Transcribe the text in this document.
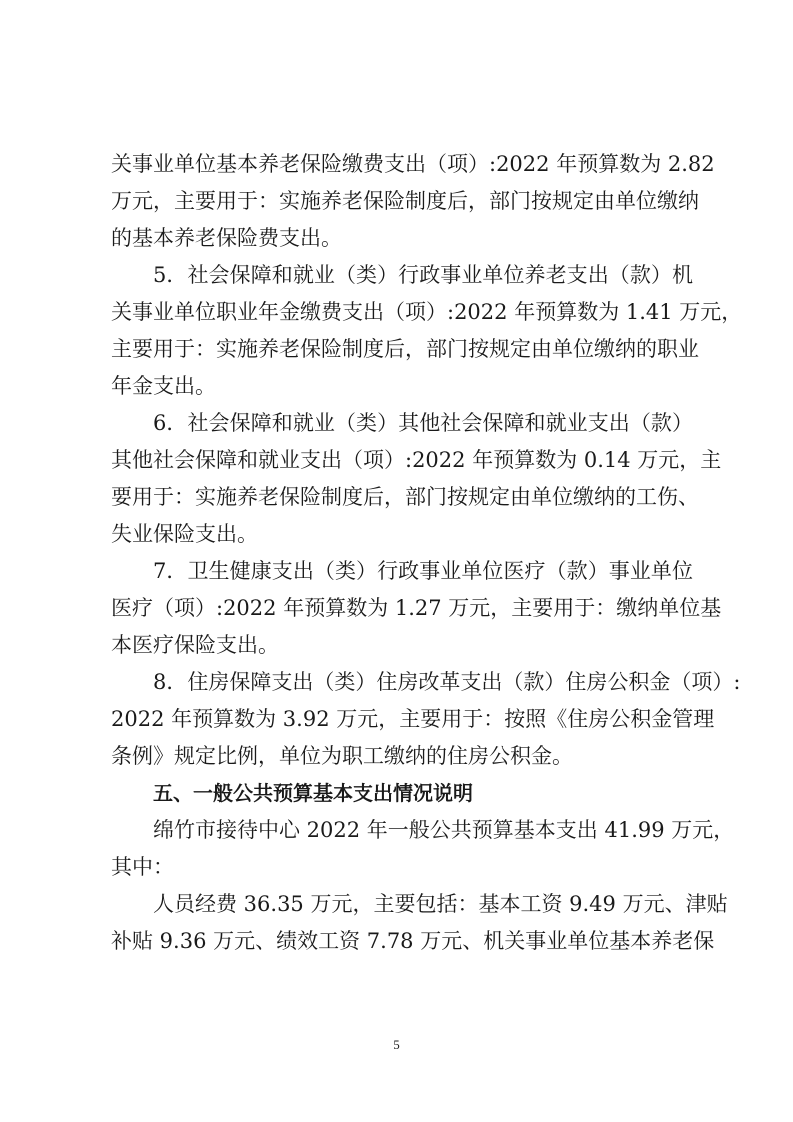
关事业单位基本养老保险缴费支出（项）:2022 年预算数为 2.82
万元，主要用于：实施养老保险制度后，部门按规定由单位缴纳
的基本养老保险费支出。
5．社会保障和就业（类）行政事业单位养老支出（款）机
关事业单位职业年金缴费支出（项）:2022 年预算数为 1.41 万元，
主要用于：实施养老保险制度后，部门按规定由单位缴纳的职业
年金支出。
6．社会保障和就业（类）其他社会保障和就业支出（款）
其他社会保障和就业支出（项）:2022 年预算数为 0.14 万元，主
要用于：实施养老保险制度后，部门按规定由单位缴纳的工伤、
失业保险支出。
7．卫生健康支出（类）行政事业单位医疗（款）事业单位
医疗（项）:2022 年预算数为 1.27 万元，主要用于：缴纳单位基
本医疗保险支出。
8．住房保障支出（类）住房改革支出（款）住房公积金（项）:
2022 年预算数为 3.92 万元，主要用于：按照《住房公积金管理
条例》规定比例，单位为职工缴纳的住房公积金。
五、一般公共预算基本支出情况说明
绵竹市接待中心 2022 年一般公共预算基本支出 41.99 万元，
其中：
人员经费 36.35 万元，主要包括：基本工资 9.49 万元、津贴
补贴 9.36 万元、绩效工资 7.78 万元、机关事业单位基本养老保
5
